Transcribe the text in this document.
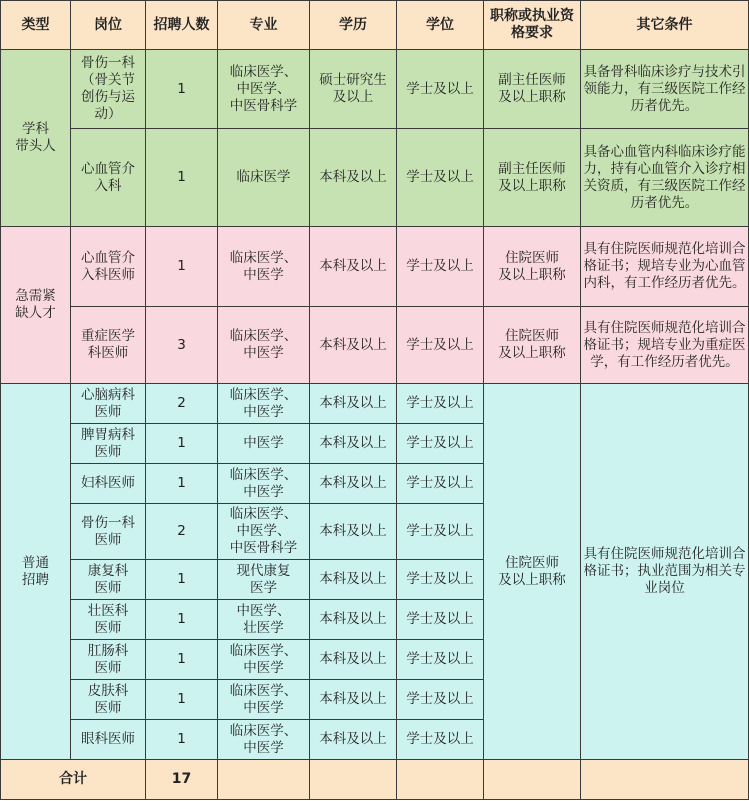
类型	岗位	招聘人数	专业	学历	学位	职称或执业资
格要求	其它条件
学科
带头人	骨伤一科
（骨关节
创伤与运
动）	1	临床医学、
中医学、
中医骨科学	硕士研究生
及以上	学士及以上	副主任医师
及以上职称	具备骨科临床诊疗与技术引领能力，有三级医院工作经历者优先。
	心血管介
入科	1	临床医学	本科及以上	学士及以上	副主任医师
及以上职称	具备心血管内科临床诊疗能力，持有心血管介入诊疗相关资质，有三级医院工作经历者优先。
急需紧
缺人才	心血管介
入科医师	1	临床医学、
中医学	本科及以上	学士及以上	住院医师
及以上职称	具有住院医师规范化培训合格证书；规培专业为心血管内科，有工作经历者优先。
	重症医学
科医师	3	临床医学、
中医学	本科及以上	学士及以上	住院医师
及以上职称	具有住院医师规范化培训合格证书；规培专业为重症医学，有工作经历者优先。
普通
招聘	心脑病科
医师	2	临床医学、
中医学	本科及以上	学士及以上	住院医师
及以上职称	具有住院医师规范化培训合格证书；执业范围为相关专业岗位
	脾胃病科
医师	1	中医学	本科及以上	学士及以上		
	妇科医师	1	临床医学、
中医学	本科及以上	学士及以上		
	骨伤一科
医师	2	临床医学、
中医学、
中医骨科学	本科及以上	学士及以上		
	康复科
医师	1	现代康复
医学	本科及以上	学士及以上		
	壮医科
医师	1	中医学、
壮医学	本科及以上	学士及以上		
	肛肠科
医师	1	临床医学、
中医学	本科及以上	学士及以上		
	皮肤科
医师	1	临床医学、
中医学	本科及以上	学士及以上		
	眼科医师	1	临床医学、
中医学	本科及以上	学士及以上		
合计		17					
